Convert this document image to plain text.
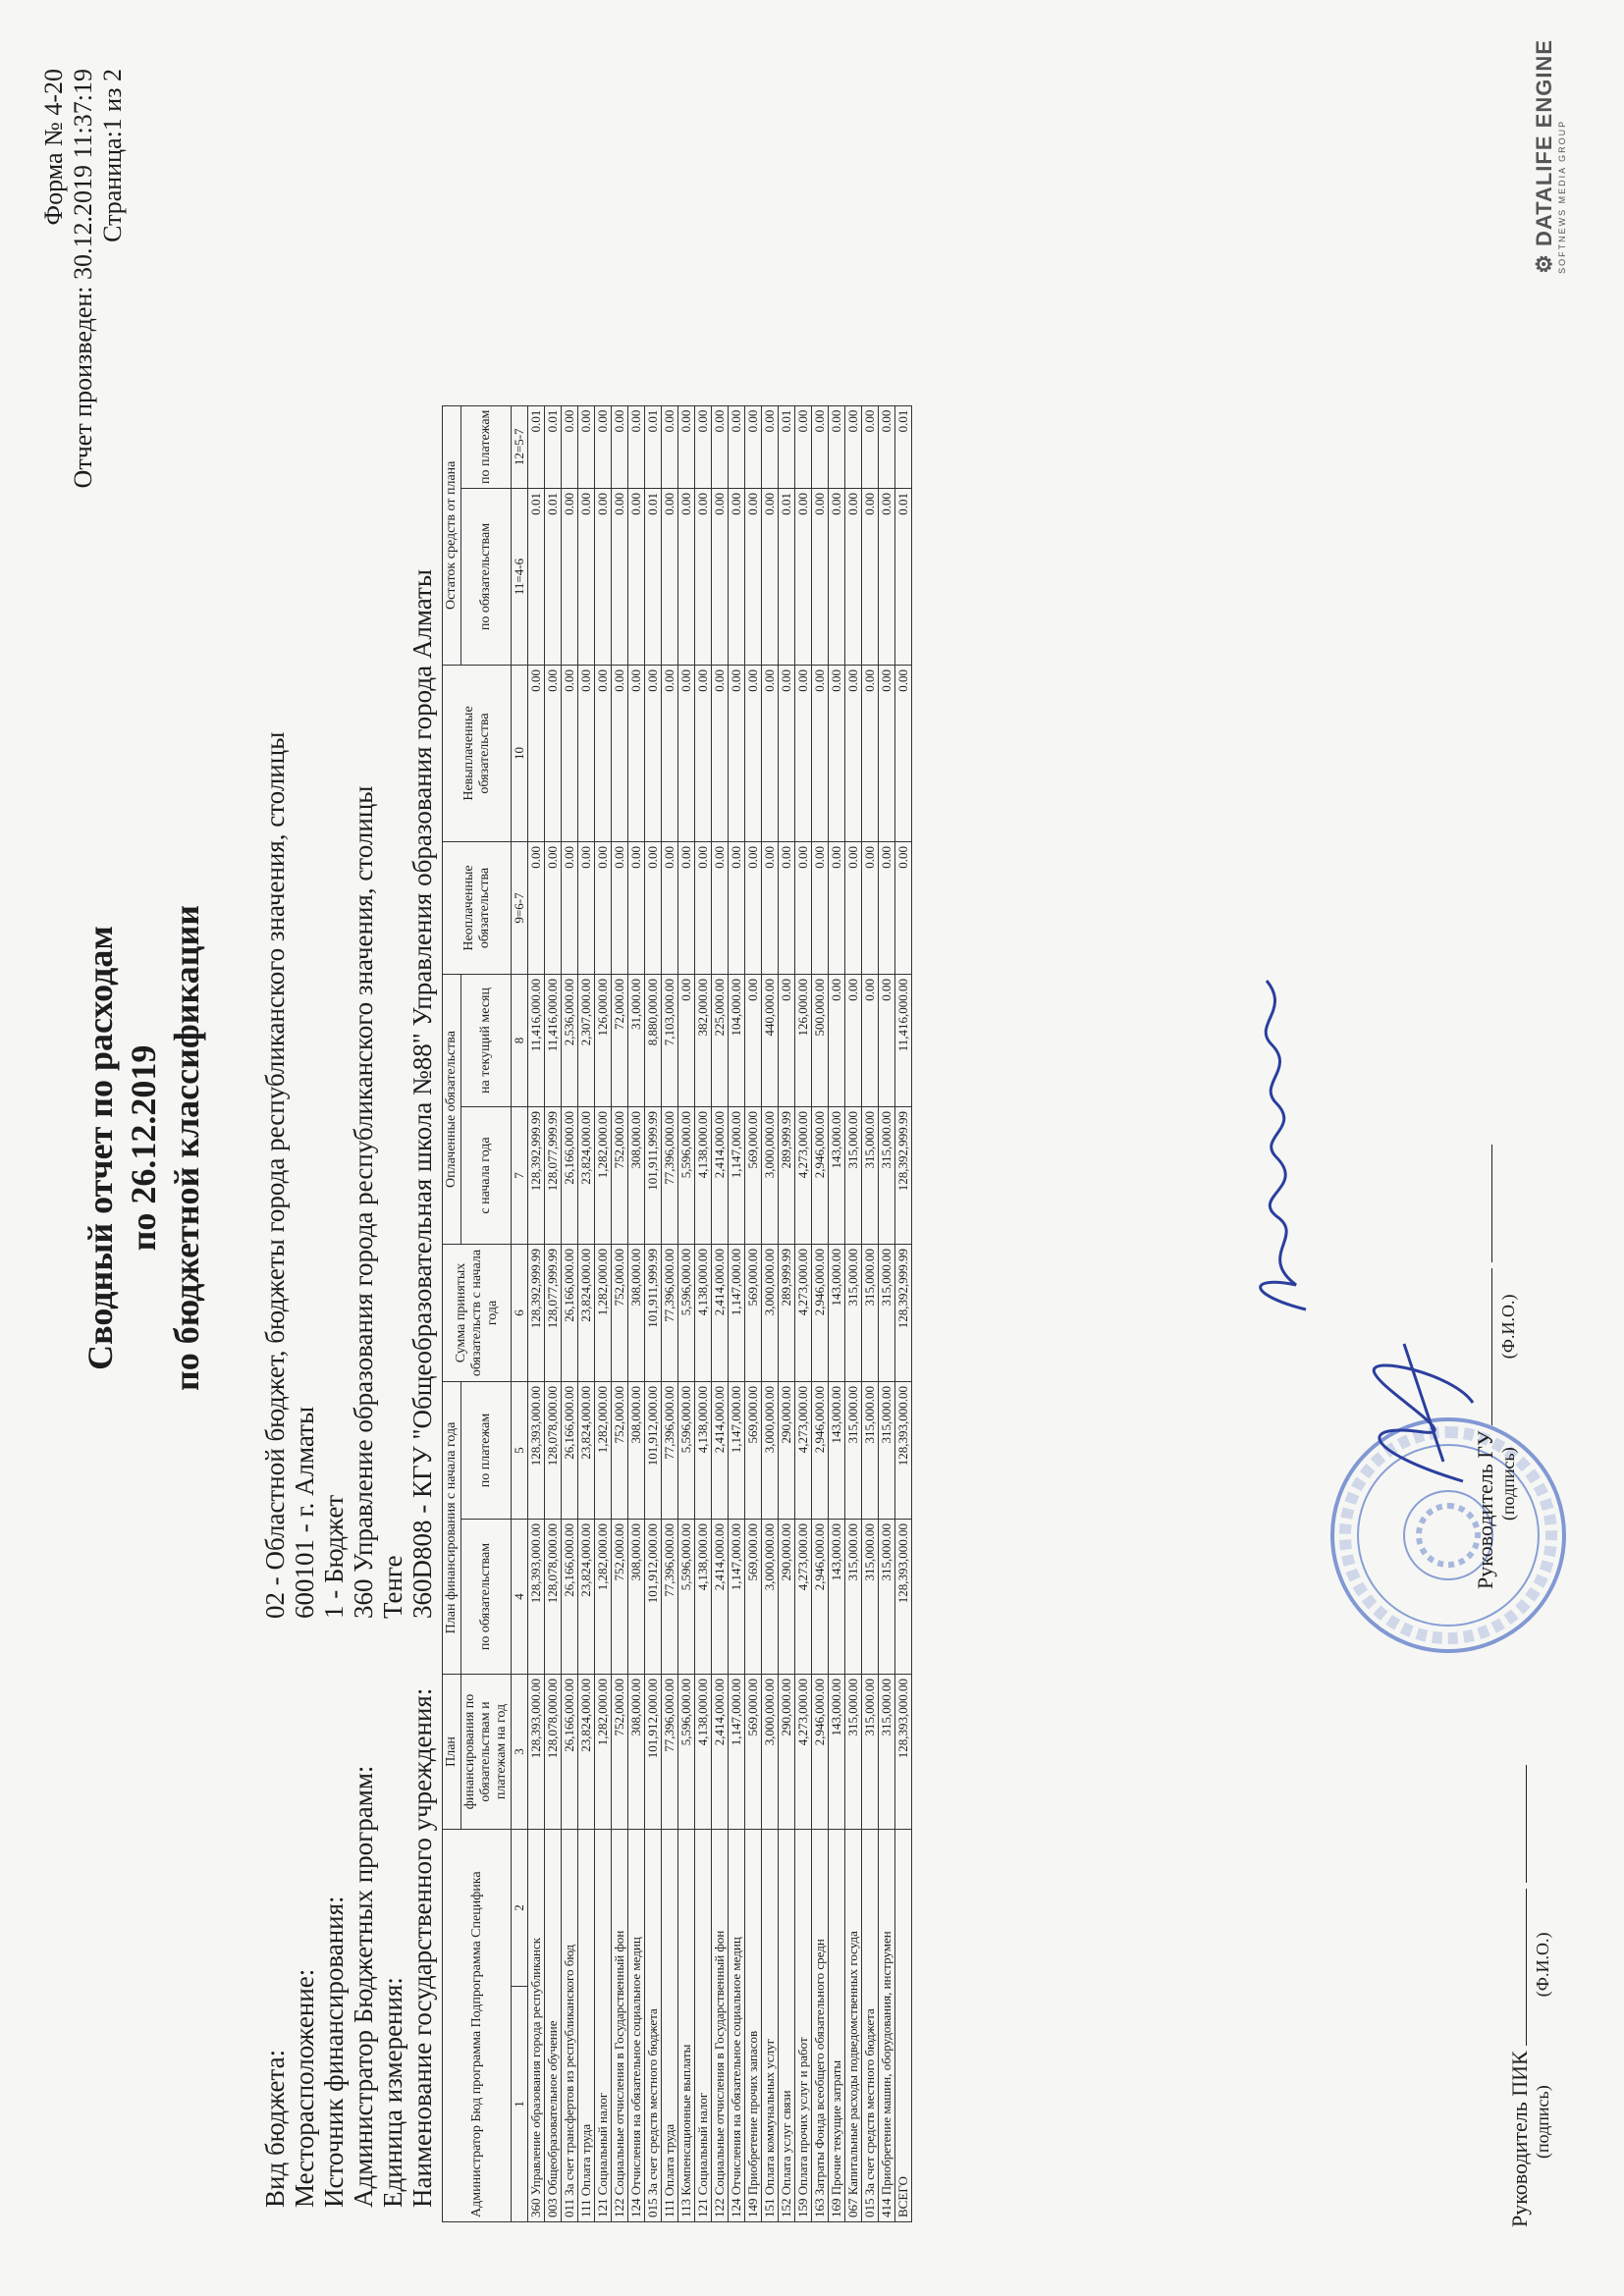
Форма № 4-20 Отчет произведен: 30.12.2019 11:37:19 Страница:1 из 2
Сводный отчет по расходам по 26.12.2019 по бюджетной классификации
Вид бюджета:
02 - Областной бюджет, бюджеты города республиканского значения, столицы
Месторасположение:
600101 - г. Алматы
Источник финансирования:
1 - Бюджет
Администратор Бюджетных программ:
360 Управление образования города республиканского значения, столицы
Единица измерения:
Тенге
Наименование государственного учреждения:
360D808 - КГУ "Общеобразовательная школа №88" Управления образования города Алматы
Администратор Бюд программа Подпрограмма Специфика		План	План финансирования с начала года		Сумма принятых обязательств с начала года	Оплаченные обязательства		Неоплаченные обязательства	Невыплаченные обязательства	Остаток средств от плана	
		финансирования по обязательствам и платежам на год	по обязательствам	по платежам		с начала года	на текущий месяц			по обязательствам	по платежам
1	2	3	4	5	6	7	8	9=6-7	10	11=4-6	12=5-7
360 Управление образования города республиканск		128,393,000.00	128,393,000.00	128,393,000.00	128,392,999.99	128,392,999.99	11,416,000.00	0.00	0.00	0.01	0.01
003 Общеобразовательное обучение		128,078,000.00	128,078,000.00	128,078,000.00	128,077,999.99	128,077,999.99	11,416,000.00	0.00	0.00	0.01	0.01
011 За счет трансфертов из республиканского бюд		26,166,000.00	26,166,000.00	26,166,000.00	26,166,000.00	26,166,000.00	2,536,000.00	0.00	0.00	0.00	0.00
111 Оплата труда		23,824,000.00	23,824,000.00	23,824,000.00	23,824,000.00	23,824,000.00	2,307,000.00	0.00	0.00	0.00	0.00
121 Социальный налог		1,282,000.00	1,282,000.00	1,282,000.00	1,282,000.00	1,282,000.00	126,000.00	0.00	0.00	0.00	0.00
122 Социальные отчисления в Государственный фон		752,000.00	752,000.00	752,000.00	752,000.00	752,000.00	72,000.00	0.00	0.00	0.00	0.00
124 Отчисления на обязательное социальное медиц		308,000.00	308,000.00	308,000.00	308,000.00	308,000.00	31,000.00	0.00	0.00	0.00	0.00
015 За счет средств местного бюджета		101,912,000.00	101,912,000.00	101,912,000.00	101,911,999.99	101,911,999.99	8,880,000.00	0.00	0.00	0.01	0.01
111 Оплата труда		77,396,000.00	77,396,000.00	77,396,000.00	77,396,000.00	77,396,000.00	7,103,000.00	0.00	0.00	0.00	0.00
113 Компенсационные выплаты		5,596,000.00	5,596,000.00	5,596,000.00	5,596,000.00	5,596,000.00	0.00	0.00	0.00	0.00	0.00
121 Социальный налог		4,138,000.00	4,138,000.00	4,138,000.00	4,138,000.00	4,138,000.00	382,000.00	0.00	0.00	0.00	0.00
122 Социальные отчисления в Государственный фон		2,414,000.00	2,414,000.00	2,414,000.00	2,414,000.00	2,414,000.00	225,000.00	0.00	0.00	0.00	0.00
124 Отчисления на обязательное социальное медиц		1,147,000.00	1,147,000.00	1,147,000.00	1,147,000.00	1,147,000.00	104,000.00	0.00	0.00	0.00	0.00
149 Приобретение прочих запасов		569,000.00	569,000.00	569,000.00	569,000.00	569,000.00	0.00	0.00	0.00	0.00	0.00
151 Оплата коммунальных услуг		3,000,000.00	3,000,000.00	3,000,000.00	3,000,000.00	3,000,000.00	440,000.00	0.00	0.00	0.00	0.00
152 Оплата услуг связи		290,000.00	290,000.00	290,000.00	289,999.99	289,999.99	0.00	0.00	0.00	0.01	0.01
159 Оплата прочих услуг и работ		4,273,000.00	4,273,000.00	4,273,000.00	4,273,000.00	4,273,000.00	126,000.00	0.00	0.00	0.00	0.00
163 Затраты Фонда всеобщего обязательного средн		2,946,000.00	2,946,000.00	2,946,000.00	2,946,000.00	2,946,000.00	500,000.00	0.00	0.00	0.00	0.00
169 Прочие текущие затраты		143,000.00	143,000.00	143,000.00	143,000.00	143,000.00	0.00	0.00	0.00	0.00	0.00
067 Капитальные расходы подведомственных госуда		315,000.00	315,000.00	315,000.00	315,000.00	315,000.00	0.00	0.00	0.00	0.00	0.00
015 За счет средств местного бюджета		315,000.00	315,000.00	315,000.00	315,000.00	315,000.00	0.00	0.00	0.00	0.00	0.00
414 Приобретение машин, оборудования, инструмен		315,000.00	315,000.00	315,000.00	315,000.00	315,000.00	0.00	0.00	0.00	0.00	0.00
ВСЕГО		128,393,000.00	128,393,000.00	128,393,000.00	128,392,999.99	128,392,999.99	11,416,000.00	0.00	0.00	0.01	0.01
Руководитель ПИК (подпись)                    (Ф.И.О.)
Руководитель ГУ (подпись)                    (Ф.И.О.)
⚙ DATALIFE ENGINE SOFTNEWS MEDIA GROUP
